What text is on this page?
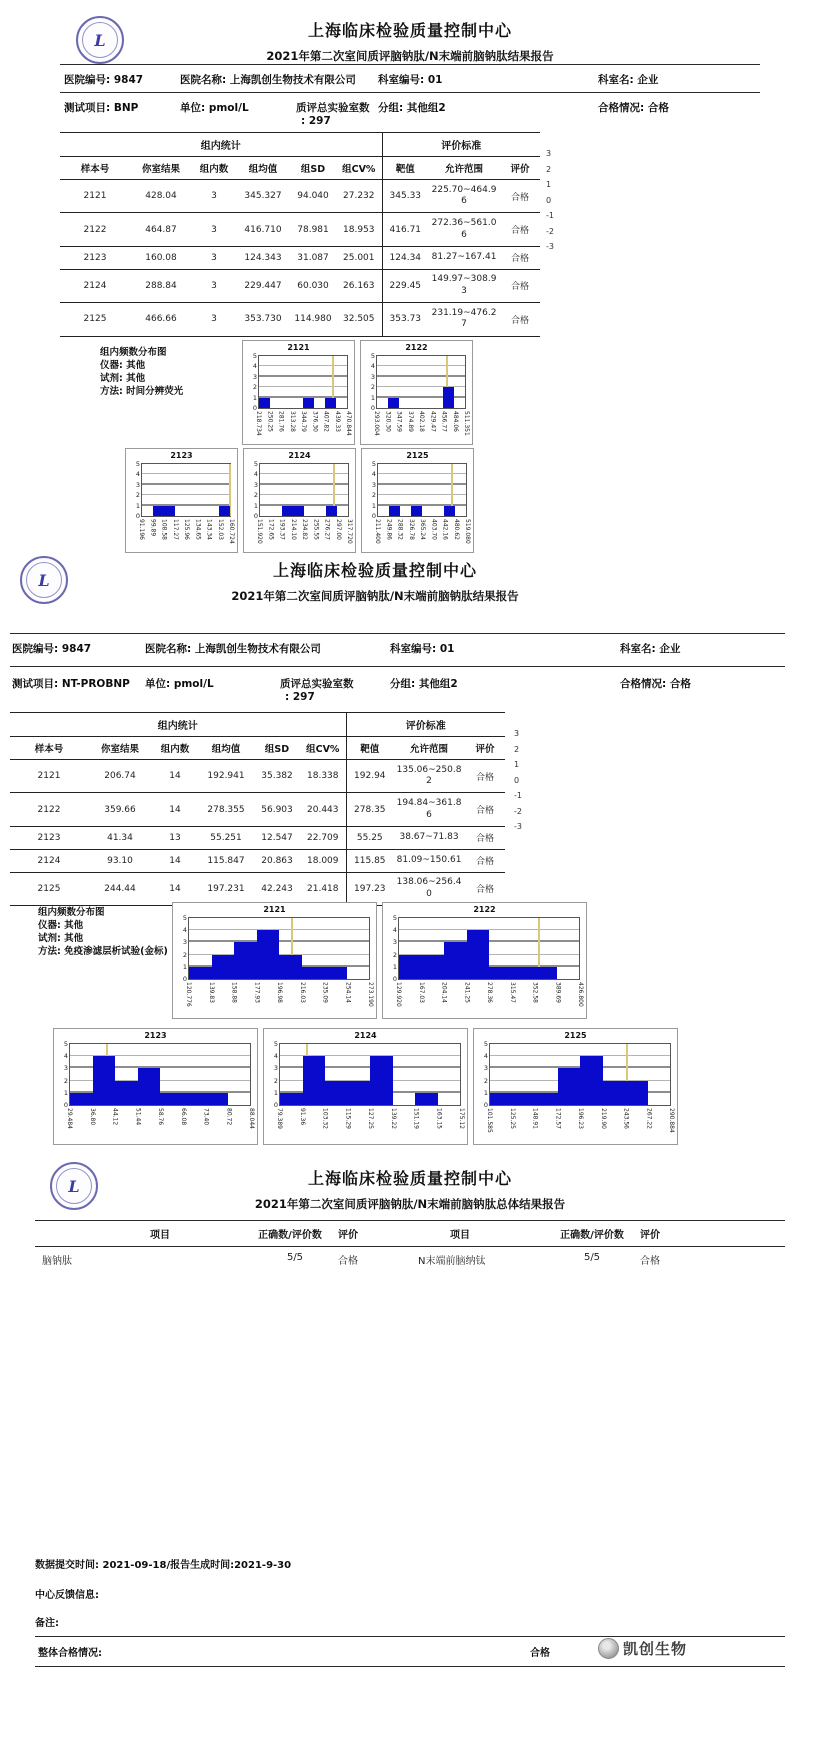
L	上海临床检验质量控制中心
2021年第二次室间质评脑钠肽/N末端前脑钠肽结果报告
医院编号: 9847	医院名称: 上海凯创生物技术有限公司 科室编号: 01	科室名: 企业
测试项目: BNP	单位: pmol/L	质评总实验室数
: 297
分组: 其他组2	合格情况: 合格
组内统计						评价标准		
样本号	你室结果	组内数	组均值	组SD	组CV%	靶值	允许范围	评价
2121	428.04	3	345.327	94.040	27.232	345.33	225.70~464.96	合格
2122	464.87	3	416.710	78.981	18.953	416.71	272.36~561.06	合格
2123	160.08	3	124.343	31.087	25.001	124.34	81.27~167.41	合格
2124	288.84	3	229.447	60.030	26.163	229.45	149.97~308.93	合格
2125	466.66	3	353.730	114.980	32.505	353.73	231.19~476.27	合格
3
2
1
0
-1
-2
-3
组内频数分布图
仪器: 其他
试剂: 其他
方法: 时间分辨荧光
2121
5
4
3
2
1
0
218.734 250.25 281.76 313.28 344.79 376.30 407.82 439.33 470.844
2122
5
4
3
2
1
0
293.004 320.30 347.59 374.89 402.18 429.47 456.77 484.06 511.351
2123
5
4
3
2
1
0
91.196 99.89 108.58 117.27 125.96 134.65 143.34 152.03 160.724
2124
5
4
3
2
1
0
151.920 172.65 193.37 214.10 234.82 255.55 276.27 297.00 317.720
2125
5
4
3
2
1
0
211.400 249.86 288.32 326.78 365.24 403.70 442.16 480.62 519.080
L	上海临床检验质量控制中心
2021年第二次室间质评脑钠肽/N末端前脑钠肽结果报告
医院编号: 9847	医院名称: 上海凯创生物技术有限公司	科室编号: 01	科室名: 企业
测试项目: NT-PROBNP 单位: pmol/L	质评总实验室数
: 297
分组: 其他组2	合格情况: 合格
组内统计						评价标准		
样本号	你室结果	组内数	组均值	组SD	组CV%	靶值	允许范围	评价
2121	206.74	14	192.941	35.382	18.338	192.94	135.06~250.82	合格
2122	359.66	14	278.355	56.903	20.443	278.35	194.84~361.86	合格
2123	41.34	13	55.251	12.547	22.709	55.25	38.67~71.83	合格
2124	93.10	14	115.847	20.863	18.009	115.85	81.09~150.61	合格
2125	244.44	14	197.231	42.243	21.418	197.23	138.06~256.40	合格
3
2
1
0
-1
-2
-3
组内频数分布图
仪器: 其他
试剂: 其他
方法: 免疫渗滤层析试验(金标)
2121
5
4
3
2
1
0
120.776	139.83	158.88	177.93	196.98	216.03	235.09	254.14	273.190
2122
5
4
3
2
1
0
129.920	167.03	204.14	241.25	278.36	315.47	352.58	389.69	426.800
2123
5
4
3
2
1
0
29.484	36.80	44.12	51.44	58.76	66.08	73.40	80.72	88.044
2124
5
4
3
2
1
0
79.389	91.36	103.32	115.29	127.25	139.22	151.19	163.15	175.12
2125
5
4
3
2
1
0
101.585	125.25	148.91	172.57	196.23	219.90	243.56	267.22	290.884
L	上海临床检验质量控制中心
2021年第二次室间质评脑钠肽/N末端前脑钠肽总体结果报告
项目	正确数/评价数 评价	项目	正确数/评价数 评价
脑钠肽	5/5	合格	N末端前脑纳钛	5/5	合格
数据提交时间: 2021-09-18/报告生成时间:2021-9-30
中心反馈信息:
备注:
整体合格情况:	合格	凯创生物
